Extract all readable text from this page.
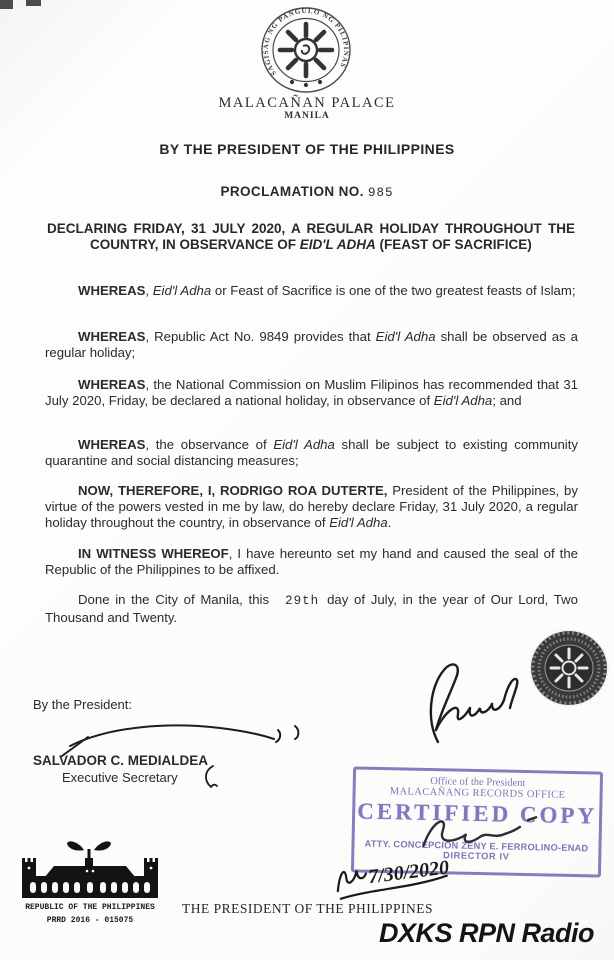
SAGISAG NG PANGULO NG PILIPINAS
MALACAÑAN PALACE
MANILA
BY THE PRESIDENT OF THE PHILIPPINES
PROCLAMATION NO. 985
DECLARING FRIDAY, 31 JULY 2020, A REGULAR HOLIDAY THROUGHOUT THE COUNTRY, IN OBSERVANCE OF EID'L ADHA (FEAST OF SACRIFICE)
WHEREAS, Eid'l Adha or Feast of Sacrifice is one of the two greatest feasts of Islam;
WHEREAS, Republic Act No. 9849 provides that Eid'l Adha shall be observed as a regular holiday;
WHEREAS, the National Commission on Muslim Filipinos has recommended that 31 July 2020, Friday, be declared a national holiday, in observance of Eid'l Adha; and
WHEREAS, the observance of Eid'l Adha shall be subject to existing community quarantine and social distancing measures;
NOW, THEREFORE, I, RODRIGO ROA DUTERTE, President of the Philippines, by virtue of the powers vested in me by law, do hereby declare Friday, 31 July 2020, a regular holiday throughout the country, in observance of Eid'l Adha.
IN WITNESS WHEREOF, I have hereunto set my hand and caused the seal of the Republic of the Philippines to be affixed.
Done in the City of Manila, this 29th day of July, in the year of Our Lord, Two Thousand and Twenty.
By the President:
SALVADOR C. MEDIALDEA
Executive Secretary	Office of the President
MALACAÑANG RECORDS OFFICE
CERTIFIED COPY
ATTY. CONCEPCION ZENY E. FERROLINO-ENAD
DIRECTOR IV
7/30/2020
REPUBLIC OF THE PHILIPPINES
PRRD 2016 - 015075
THE PRESIDENT OF THE PHILIPPINES
DXKS RPN Radio
